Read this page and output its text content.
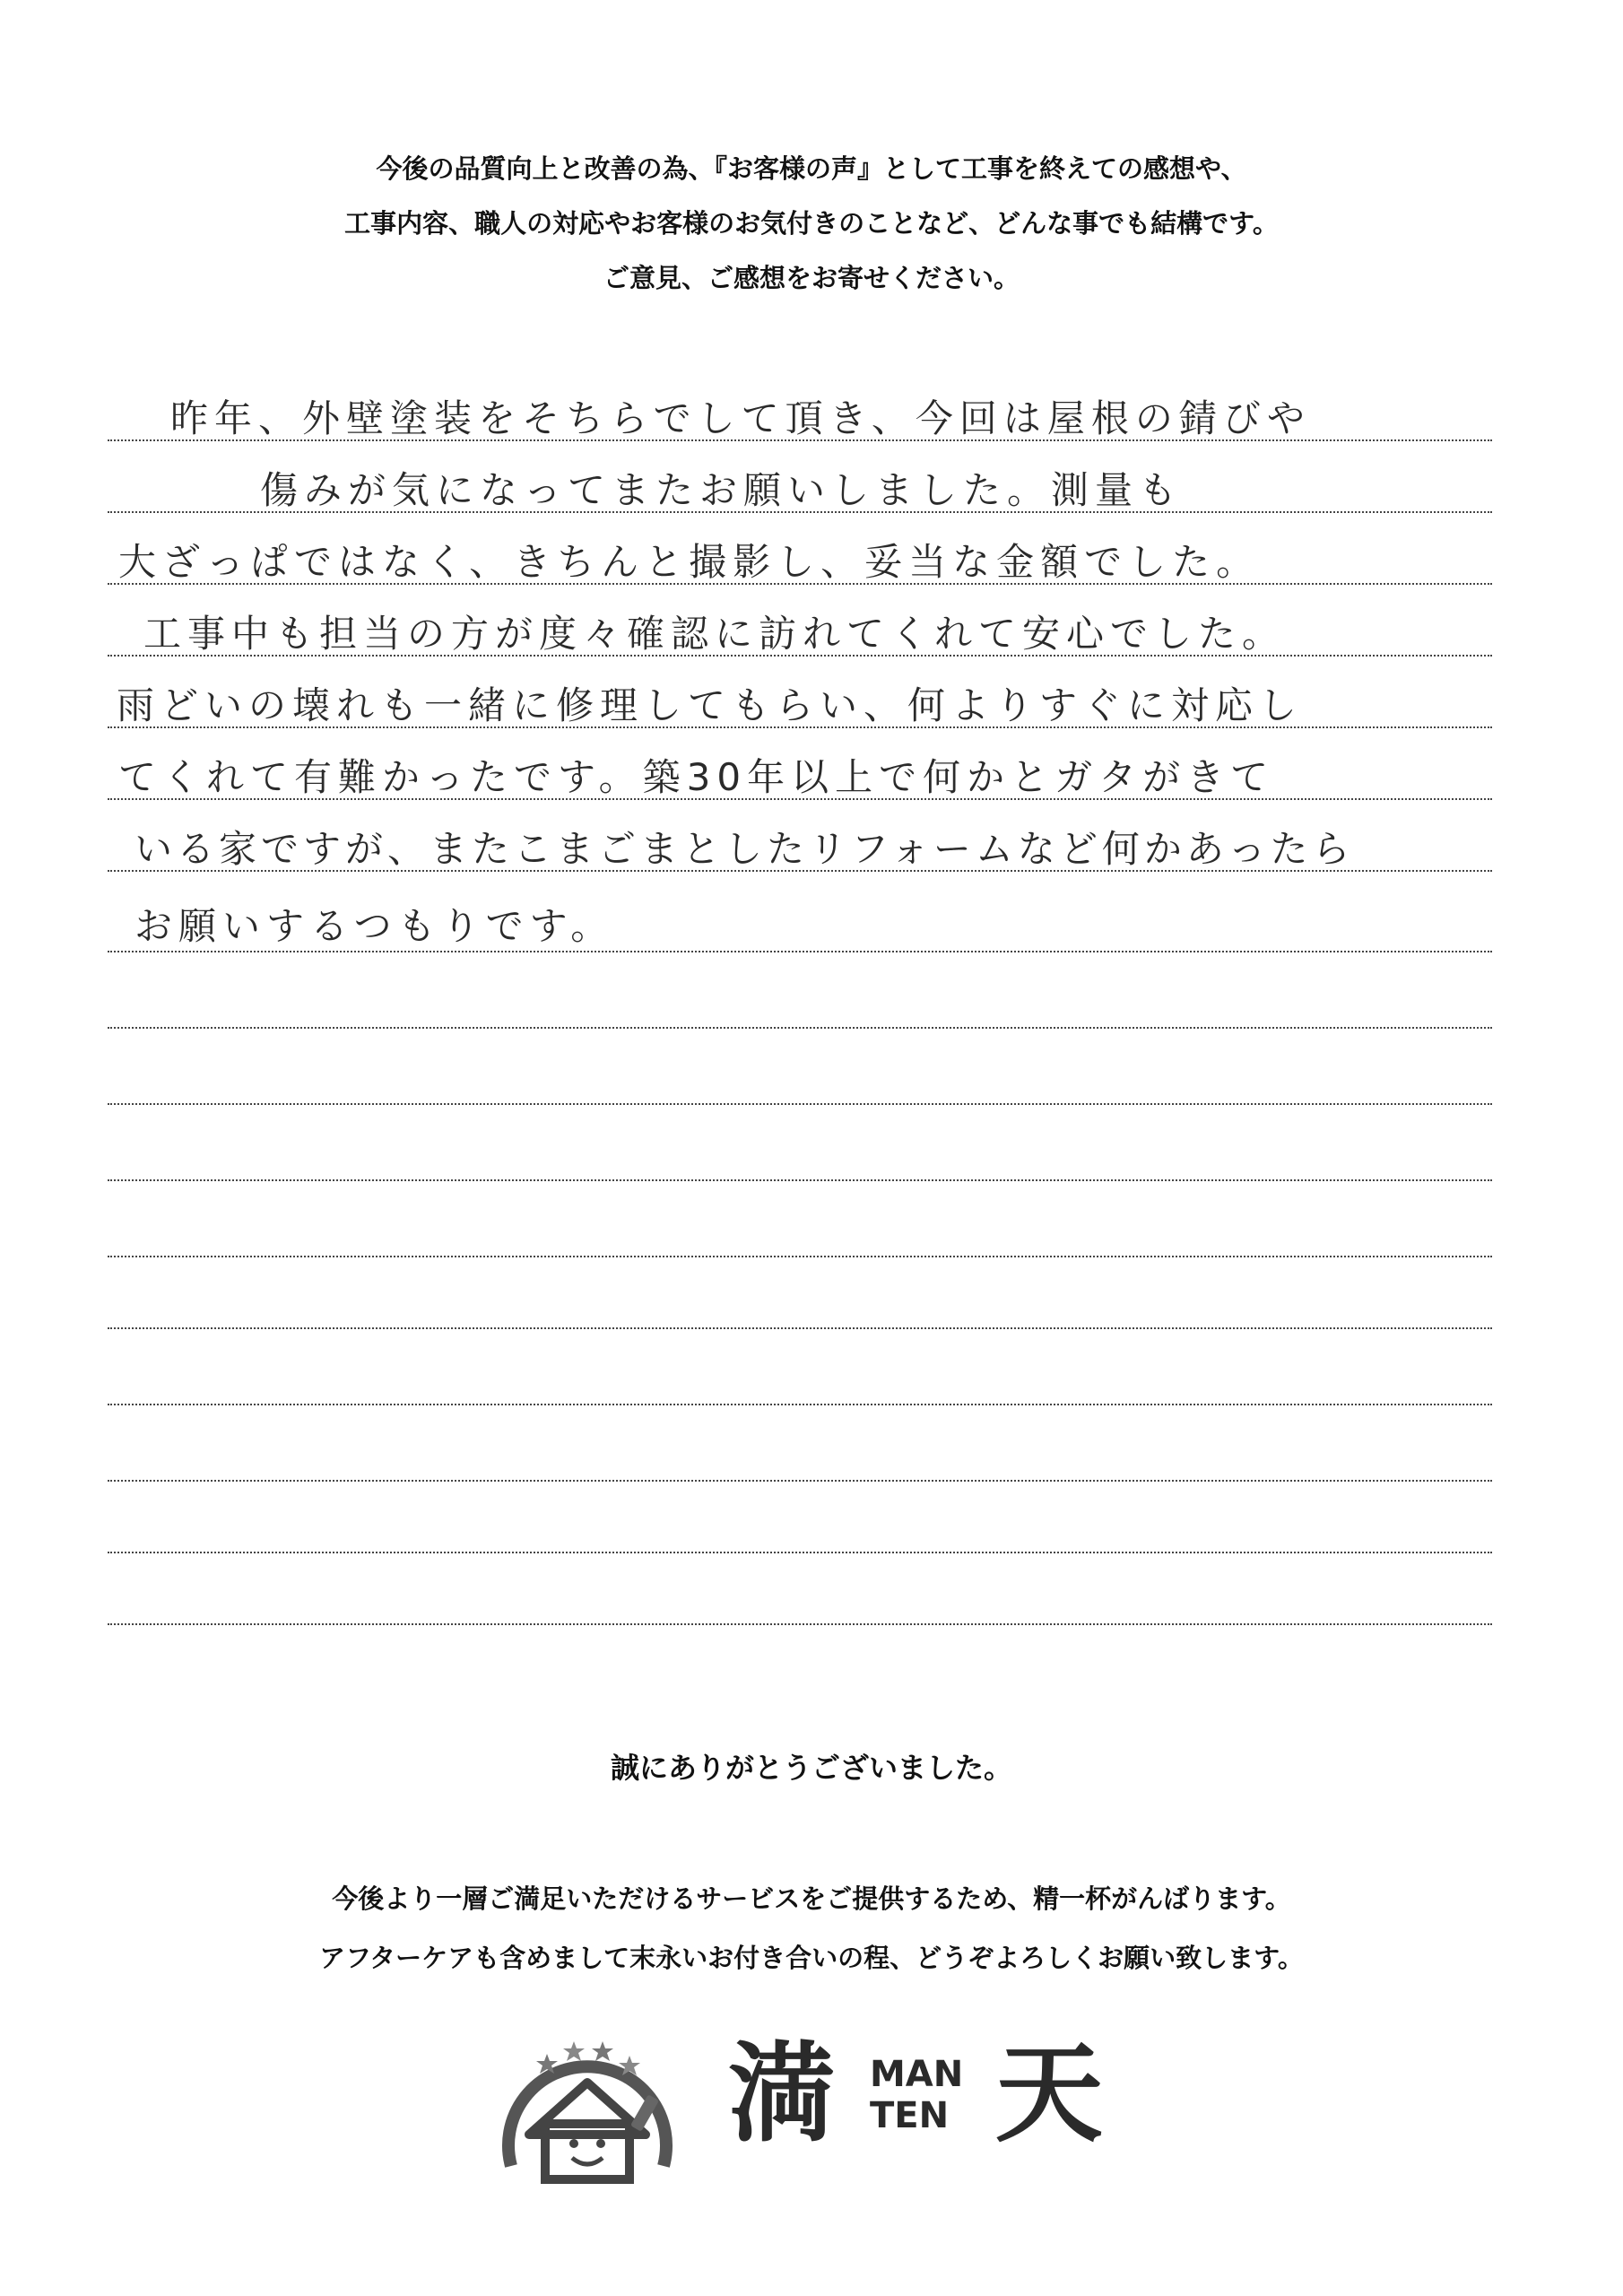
今後の品質向上と改善の為、『お客様の声』として工事を終えての感想や、
工事内容、職人の対応やお客様のお気付きのことなど、どんな事でも結構です。
ご意見、ご感想をお寄せください。
昨年、外壁塗装をそちらでして頂き、今回は屋根の錆びや
傷みが気になってまたお願いしました。測量も
大ざっぱではなく、きちんと撮影し、妥当な金額でした。
工事中も担当の方が度々確認に訪れてくれて安心でした。
雨どいの壊れも一緒に修理してもらい、何よりすぐに対応し
てくれて有難かったです。築30年以上で何かとガタがきて
いる家ですが、またこまごまとしたリフォームなど何かあったら
お願いするつもりです。
誠にありがとうございました。
今後より一層ご満足いただけるサービスをご提供するため、精一杯がんばります。
アフターケアも含めまして末永いお付き合いの程、どうぞよろしくお願い致します。
満 MAN
TEN 天
